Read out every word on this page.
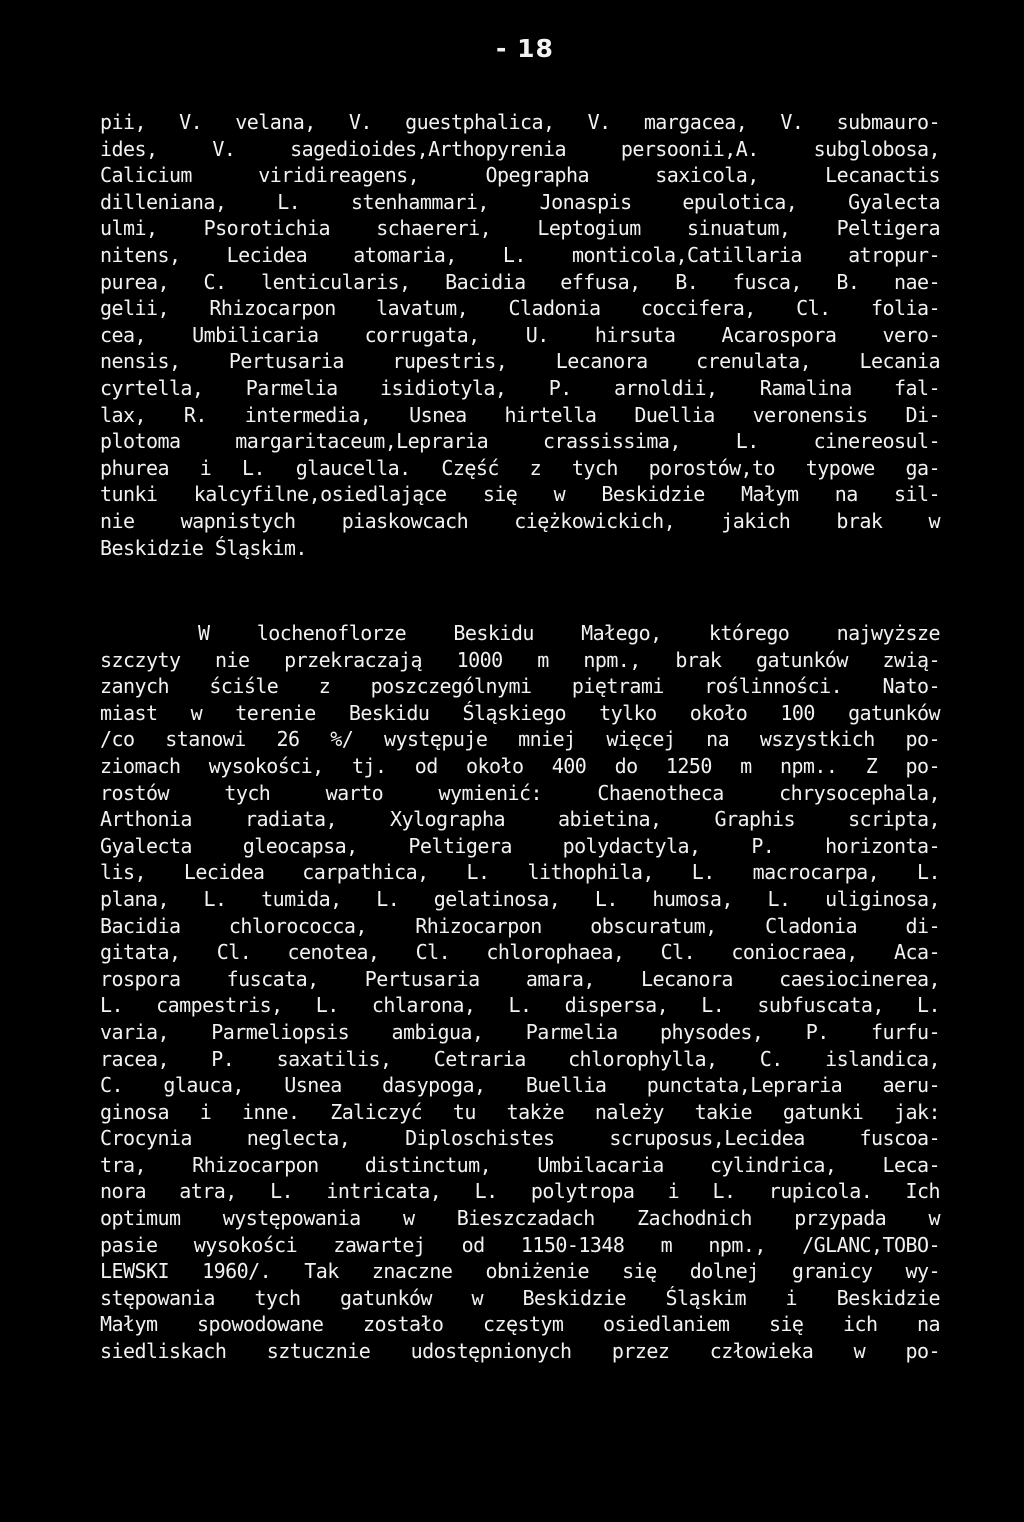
- 18
pii, V. velana, V. guestphalica, V. margacea, V. submauro-
ides, V. sagedioides,Arthopyrenia persoonii,A. subglobosa,
Calicium viridireagens, Opegrapha saxicola, Lecanactis
dilleniana, L. stenhammari, Jonaspis epulotica, Gyalecta
ulmi, Psorotichia schaereri, Leptogium sinuatum, Peltigera
nitens, Lecidea atomaria, L. monticola,Catillaria atropur-
purea, C. lenticularis, Bacidia effusa, B. fusca, B. nae-
gelii, Rhizocarpon lavatum, Cladonia coccifera, Cl. folia-
cea, Umbilicaria corrugata, U. hirsuta Acarospora vero-
nensis, Pertusaria rupestris, Lecanora crenulata, Lecania
cyrtella, Parmelia isidiotyla, P. arnoldii, Ramalina fal-
lax, R. intermedia, Usnea hirtella Duellia veronensis Di-
plotoma margaritaceum,Lepraria crassissima, L. cinereosul-
phurea i L. glaucella. Część z tych porostów,to typowe ga-
tunki kalcyfilne,osiedlające się w Beskidzie Małym na sil-
nie wapnistych piaskowcach ciężkowickich, jakich brak w
Beskidzie Śląskim.
W lochenoflorze Beskidu Małego, którego najwyższe
szczyty nie przekraczają 1000 m npm., brak gatunków zwią-
zanych ściśle z poszczególnymi piętrami roślinności. Nato-
miast w terenie Beskidu Śląskiego tylko około 100 gatunków
/co stanowi 26 %/ występuje mniej więcej na wszystkich po-
ziomach wysokości, tj. od około 400 do 1250 m npm.. Z po-
rostów tych warto wymienić: Chaenotheca chrysocephala,
Arthonia radiata, Xylographa abietina, Graphis scripta,
Gyalecta gleocapsa, Peltigera polydactyla, P. horizonta-
lis, Lecidea carpathica, L. lithophila, L. macrocarpa, L.
plana, L. tumida, L. gelatinosa, L. humosa, L. uliginosa,
Bacidia chlorococca, Rhizocarpon obscuratum, Cladonia di-
gitata, Cl. cenotea, Cl. chlorophaea, Cl. coniocraea, Aca-
rospora fuscata, Pertusaria amara, Lecanora caesiocinerea,
L. campestris, L. chlarona, L. dispersa, L. subfuscata, L.
varia, Parmeliopsis ambigua, Parmelia physodes, P. furfu-
racea, P. saxatilis, Cetraria chlorophylla, C. islandica,
C. glauca, Usnea dasypoga, Buellia punctata,Lepraria aeru-
ginosa i inne. Zaliczyć tu także należy takie gatunki jak:
Crocynia neglecta, Diploschistes scruposus,Lecidea fuscoa-
tra, Rhizocarpon distinctum, Umbilacaria cylindrica, Leca-
nora atra, L. intricata, L. polytropa i L. rupicola. Ich
optimum występowania w Bieszczadach Zachodnich przypada w
pasie wysokości zawartej od 1150-1348 m npm., /GLANC,TOBO-
LEWSKI 1960/. Tak znaczne obniżenie się dolnej granicy wy-
stępowania tych gatunków w Beskidzie Śląskim i Beskidzie
Małym spowodowane zostało częstym osiedlaniem się ich na
siedliskach sztucznie udostępnionych przez człowieka w po-
